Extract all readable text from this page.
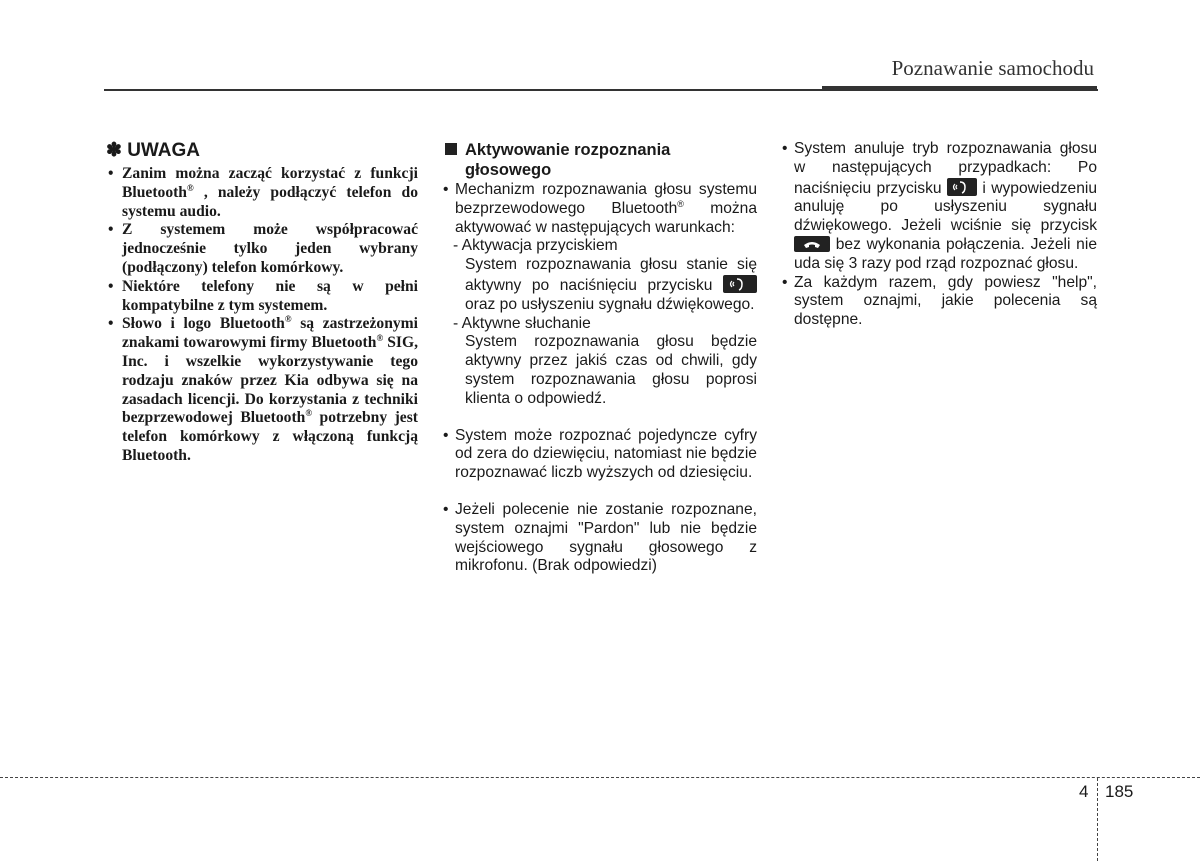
Poznawanie samochodu
✽ UWAGA
• Zanim można zacząć korzystać z funkcji Bluetooth® , należy podłączyć telefon do systemu audio.
• Z systemem może współpracować jednocześnie tylko jeden wybrany (podłączony) telefon komórkowy.
• Niektóre telefony nie są w pełni kompatybilne z tym systemem.
• Słowo i logo Bluetooth® są zastrzeżonymi znakami towarowymi firmy Bluetooth® SIG, Inc. i wszelkie wykorzystywanie tego rodzaju znaków przez Kia odbywa się na zasadach licencji. Do korzystania z techniki bezprzewodowej Bluetooth® potrzebny jest telefon komórkowy z włączoną funkcją Bluetooth.
Aktywowanie rozpoznania głosowego
• Mechanizm rozpoznawania głosu systemu bezprzewodowego Bluetooth® można aktywować w następujących warunkach:
- Aktywacja przyciskiem
System rozpoznawania głosu stanie się aktywny po naciśnięciu przycisku
oraz po usłyszeniu sygnału dźwiękowego.
- Aktywne słuchanie
System rozpoznawania głosu będzie aktywny przez jakiś czas od chwili, gdy system rozpoznawania głosu poprosi klienta o odpowiedź.
• System może rozpoznać pojedyncze cyfry od zera do dziewięciu, natomiast nie będzie rozpoznawać liczb wyższych od dziesięciu.
• Jeżeli polecenie nie zostanie rozpoznane, system oznajmi "Pardon" lub nie będzie wejściowego sygnału głosowego z mikrofonu. (Brak odpowiedzi)
• System anuluje tryb rozpoznawania głosu w następujących przypadkach: Po naciśnięciu przycisku
i wypowiedzeniu anuluję po usłyszeniu sygnału dźwiękowego. Jeżeli wciśnie się przycisk
bez wykonania połączenia. Jeżeli nie uda się 3 razy pod rząd rozpoznać głosu.
• Za każdym razem, gdy powiesz "help", system oznajmi, jakie polecenia są dostępne.
4 185
